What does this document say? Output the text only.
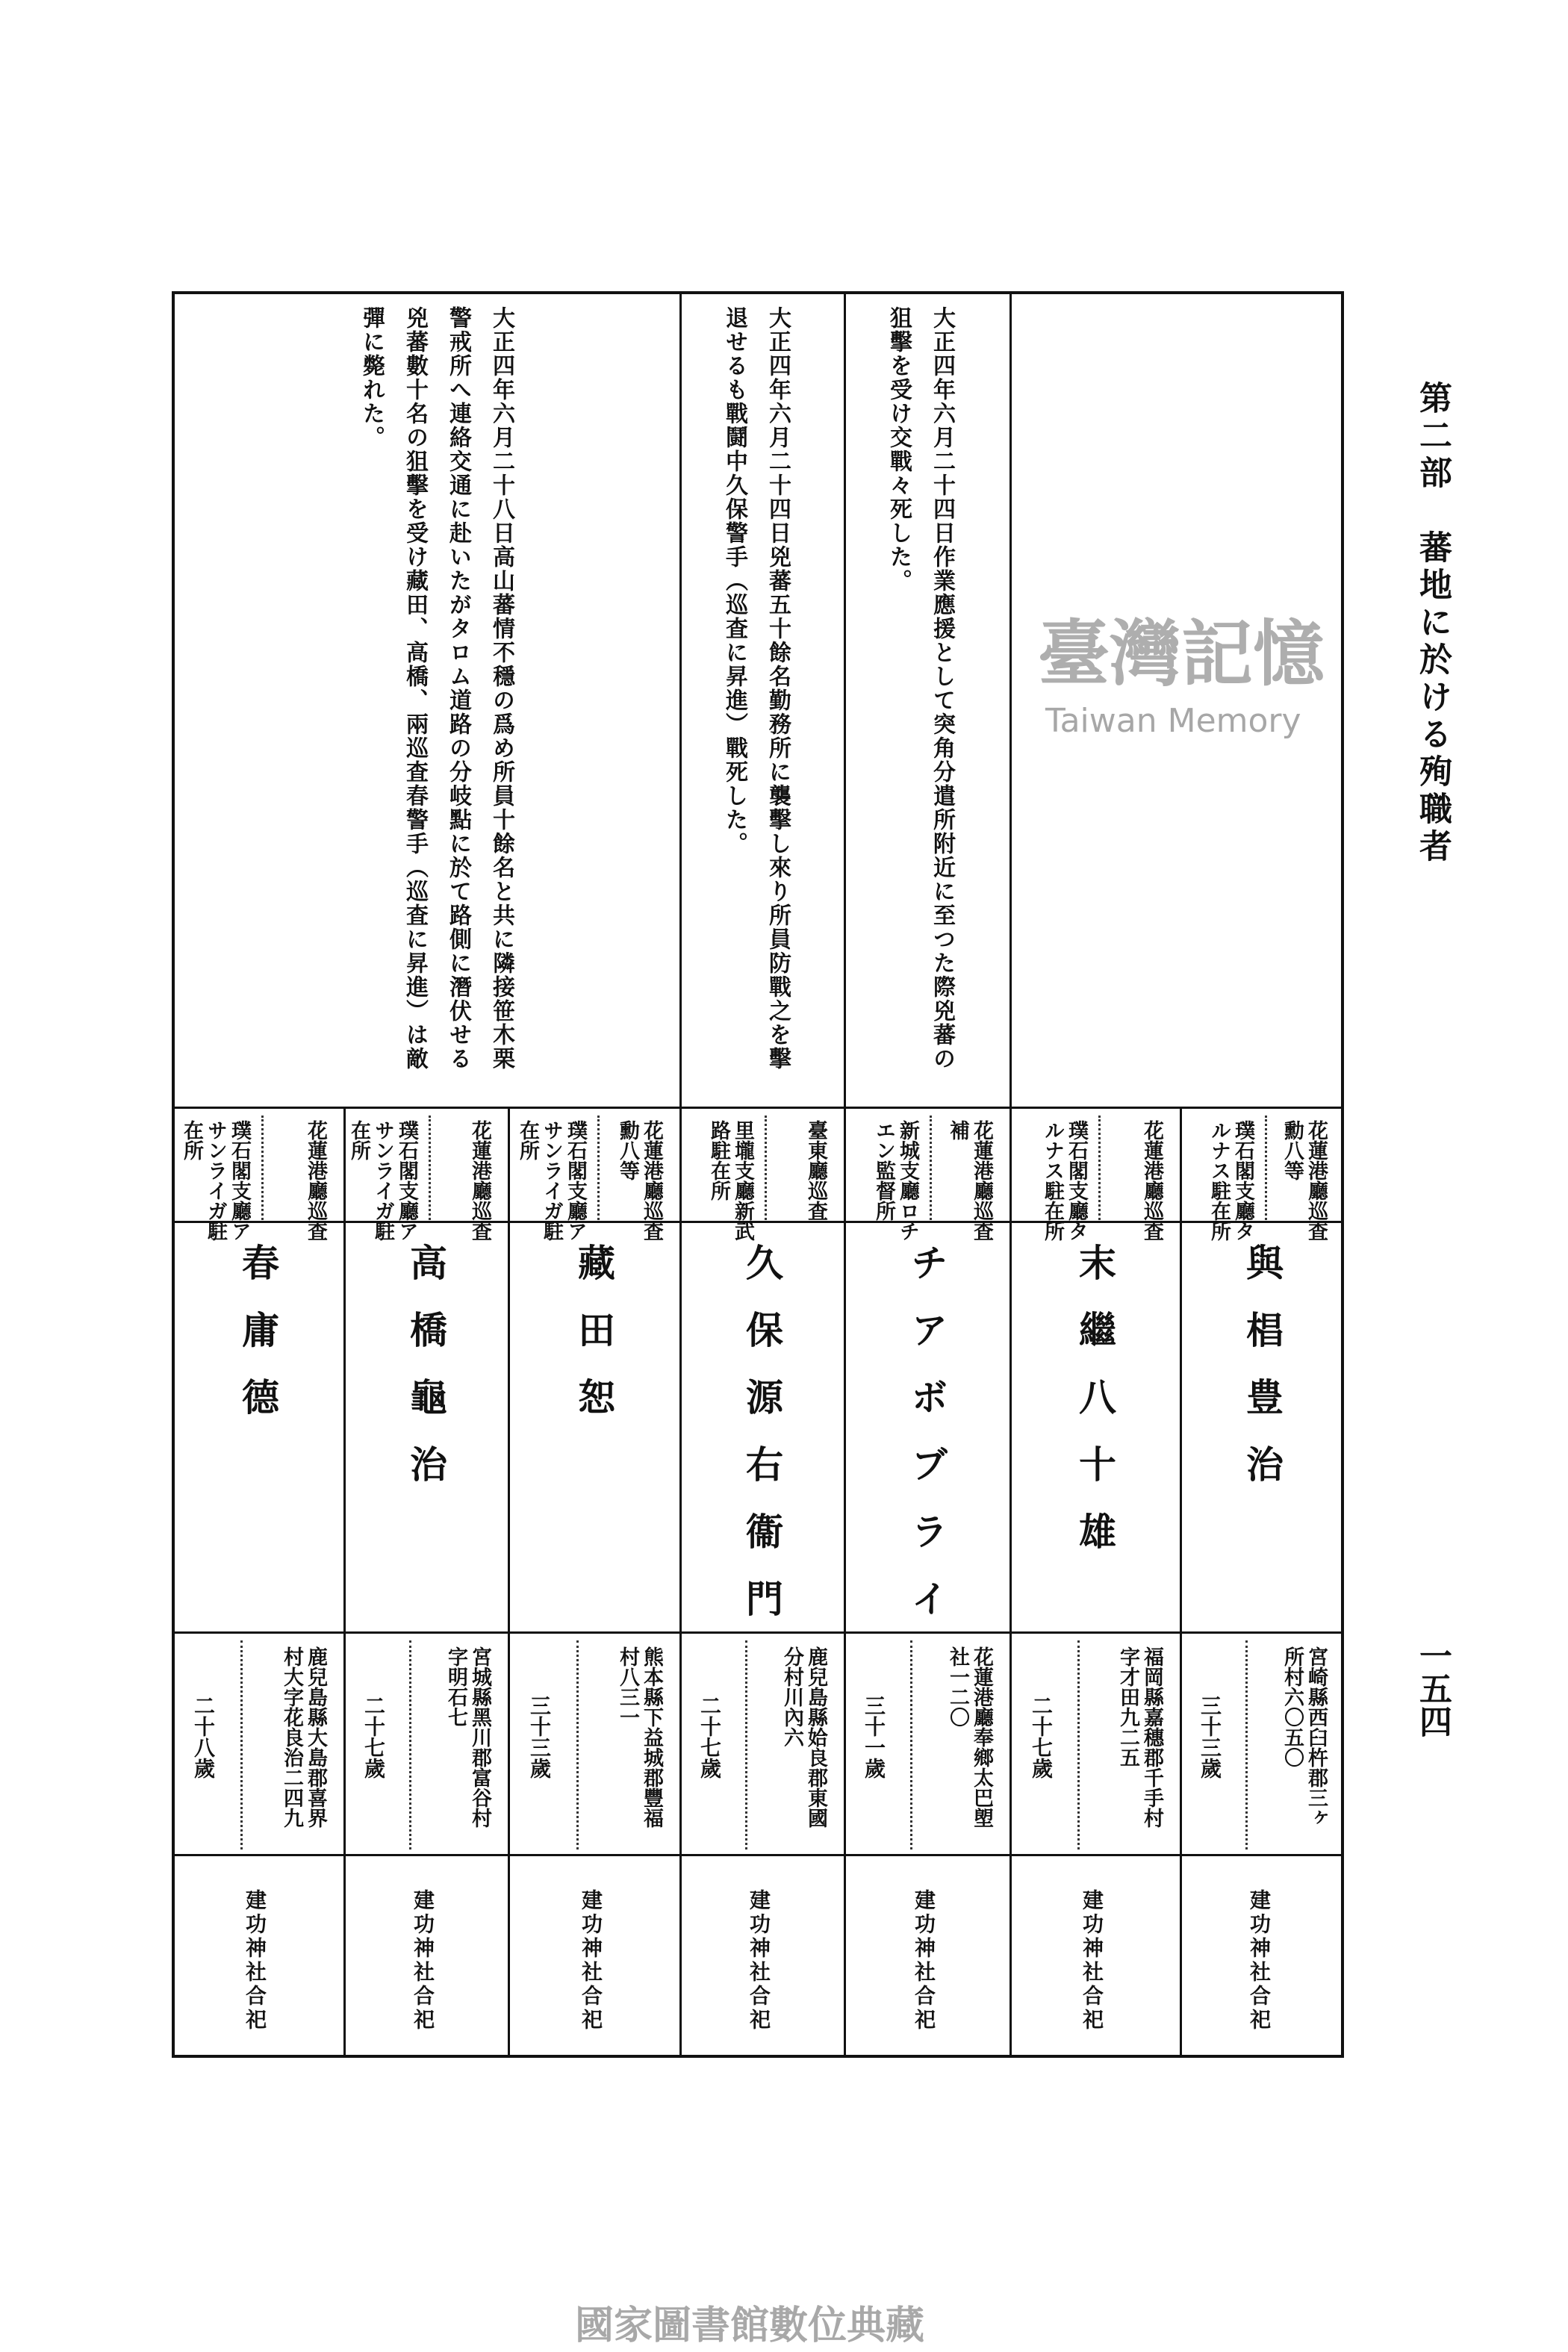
第二部　蕃地に於ける殉職者
一五四
大正四年六月二十四日作業應援として突角分遣所附近に至つた際兇蕃の
狙擊を受け交戰々死した。
大正四年六月二十四日兇蕃五十餘名勤務所に襲擊し來り所員防戰之を擊
退せるも戰鬪中久保警手（巡査に昇進）戰死した。
大正四年六月二十八日高山蕃情不穩の爲め所員十餘名と共に隣接笹木栗
警戒所へ連絡交通に赴いたがタロム道路の分岐點に於て路側に潛伏せる
兇蕃數十名の狙擊を受け藏田、高橋、兩巡査春警手（巡査に昇進）は敵
彈に斃れた。
花蓮港廳巡査
勳八等
璞石閣支廳タ
ルナス駐在所
與椙豊治
宮崎縣西臼杵郡三ヶ
所村六〇五〇
三十三歲
建功神社合祀
花蓮港廳巡査
璞石閣支廳タ
ルナス駐在所
末繼八十雄
福岡縣嘉穗郡千手村
字才田九二五
二十七歲
建功神社合祀
花蓮港廳巡査
補
新城支廳ロチ
エン監督所
チアボブライ
花蓮港廳奉鄉太巴塱
社一二〇
三十一歲
建功神社合祀
臺東廳巡査
里壠支廳新武
路駐在所
久保源右衞門
鹿兒島縣姶良郡東國
分村川內六
二十七歲
建功神社合祀
花蓮港廳巡査
勳八等
璞石閣支廳ア
サンライガ駐
在所
藏田恕
熊本縣下益城郡豐福
村八三一
三十三歲
建功神社合祀
花蓮港廳巡査
璞石閣支廳ア
サンライガ駐
在所
高橋龜治
宮城縣黑川郡富谷村
字明石七
二十七歲
建功神社合祀
花蓮港廳巡査
璞石閣支廳ア
サンライガ駐
在所
春庸德
鹿兒島縣大島郡喜界
村大字花良治二四九
二十八歲
建功神社合祀
臺灣記憶
Taiwan Memory
國家圖書館數位典藏
